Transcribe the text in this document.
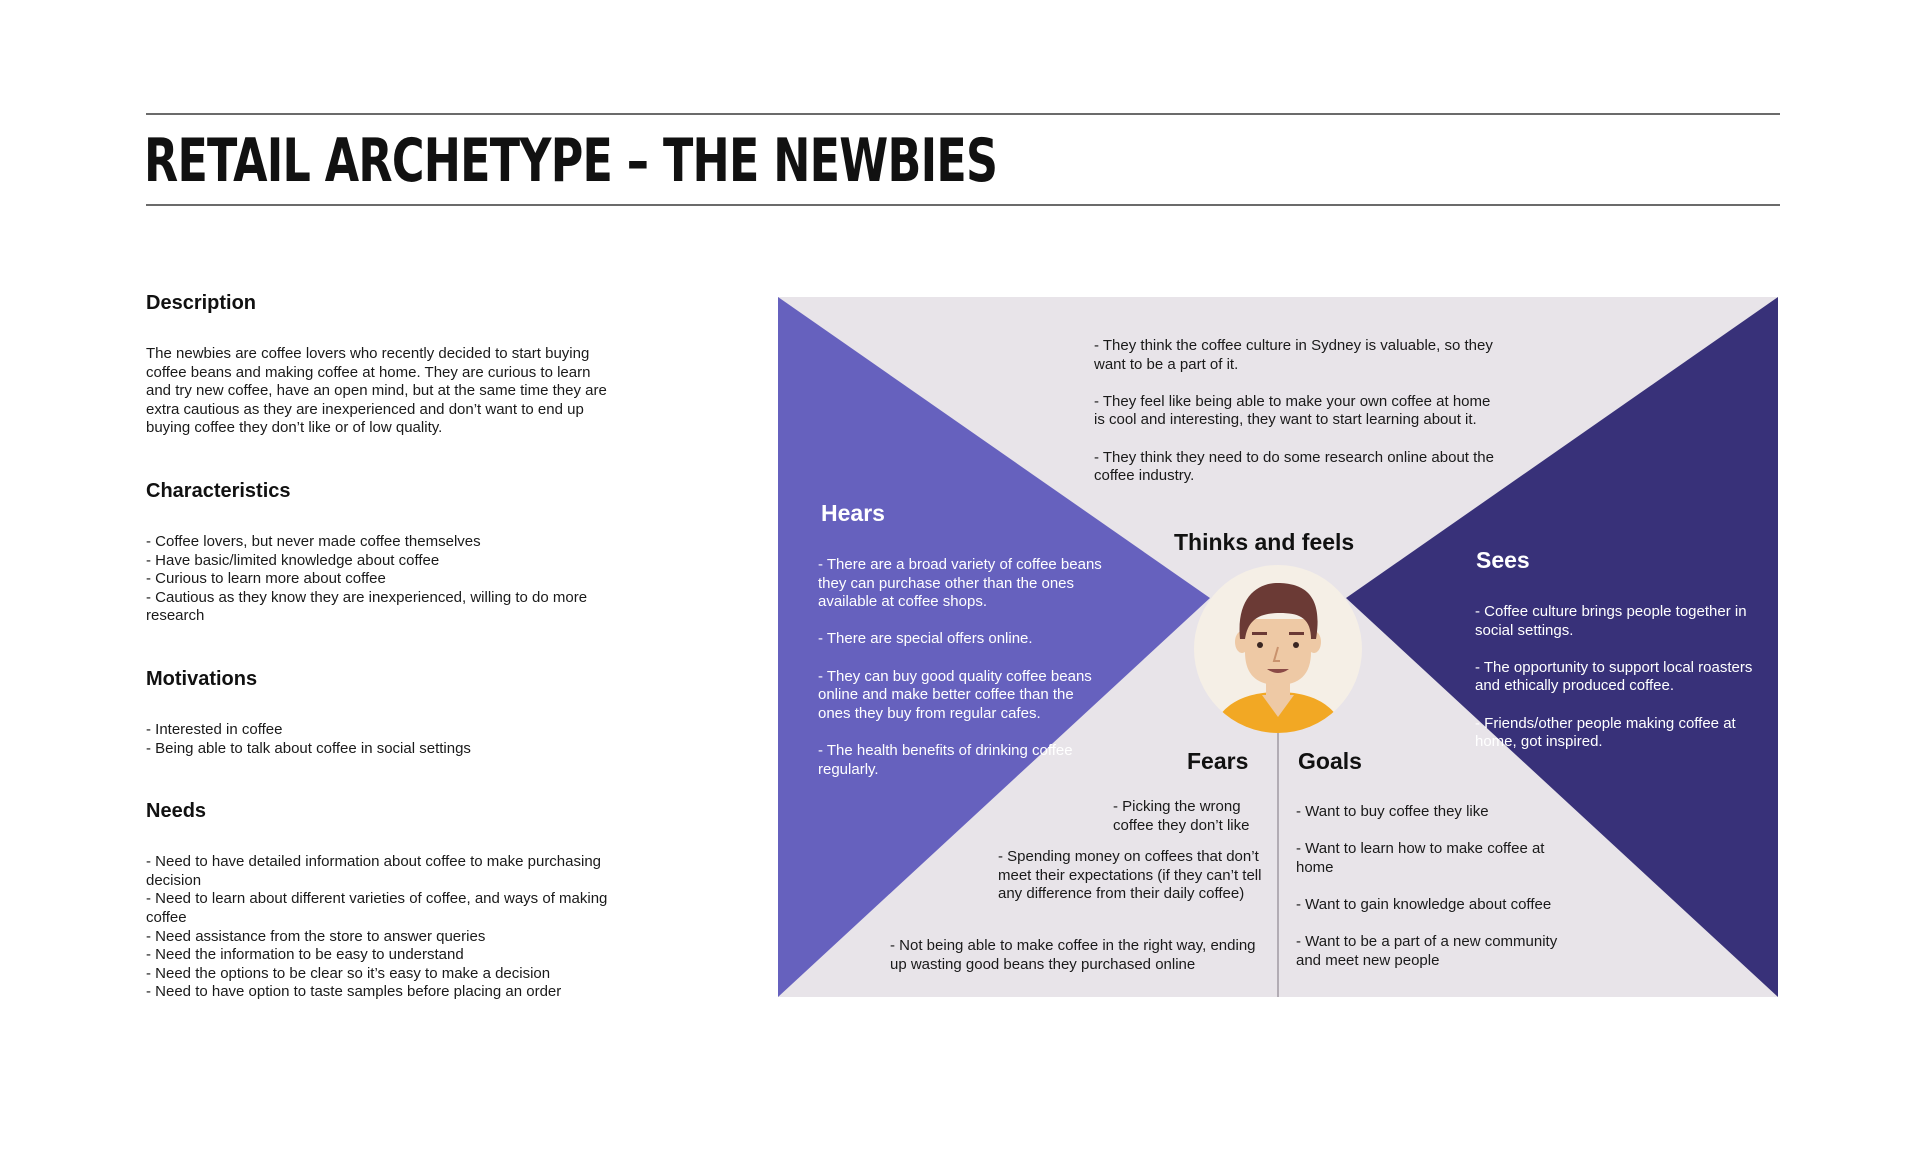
RETAIL ARCHETYPE – THE NEWBIES
Description

The newbies are coffee lovers who recently decided to start buying coffee beans and making coffee at home. They are curious to learn and try new coffee, have an open mind, but at the same time they are extra cautious as they are inexperienced and don’t want to end up buying coffee they don’t like or of low quality.

Characteristics
- Coffee lovers, but never made coffee themselves
- Have basic/limited knowledge about coffee
- Curious to learn more about coffee
- Cautious as they know they are inexperienced, willing to do more research
Motivations
- Interested in coffee
- Being able to talk about coffee in social settings
Needs
- Need to have detailed information about coffee to make purchasing decision
- Need to learn about different varieties of coffee, and ways of making coffee
- Need assistance from the store to answer queries
- Need the information to be easy to understand
- Need the options to be clear so it’s easy to make a decision
- Need to have option to taste samples before placing an order
- They think the coffee culture in Sydney is valuable, so they want to be a part of it.
- They feel like being able to make your own coffee at home is cool and interesting, they want to start learning about it.
- They think they need to do some research online about the coffee industry.
Thinks and feels
Hears
- There are a broad variety of coffee beans they can purchase other than the ones available at coffee shops.
- There are special offers online.
- They can buy good quality coffee beans online and make better coffee than the ones they buy from regular cafes.
- The health benefits of drinking coffee regularly.
Sees
- Coffee culture brings people together in social settings.
- The opportunity to support local roasters and ethically produced coffee.
- Friends/other people making coffee at home, got inspired.
Fears
- Picking the wrong coffee they don’t like
- Spending money on coffees that don’t meet their expectations (if they can’t tell any difference from their daily coffee)
- Not being able to make coffee in the right way, ending up wasting good beans they purchased online
Goals
- Want to buy coffee they like
- Want to learn how to make coffee at home
- Want to gain knowledge about coffee
- Want to be a part of a new community and meet new people
